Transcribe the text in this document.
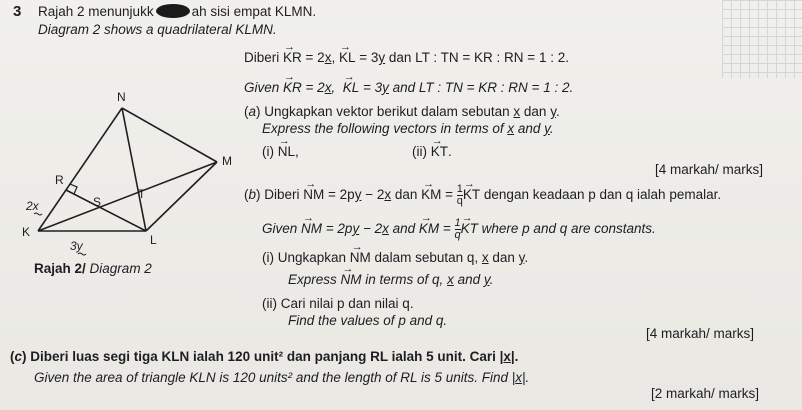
3 Rajah 2 menunjukk	ah sisi empat KLMN.
Diagram 2 shows a quadrilateral KLMN.
Diberi KR
→
= 2x, KL
→
= 3y dan LT : TN = KR : RN = 1 : 2.
Given KR
→
= 2x,  KL
→
= 3y and LT : TN = KR : RN = 1 : 2.
(a) Ungkapkan vektor berikut dalam sebutan x dan y.
Express the following vectors in terms of x and y.
(i) NL
→
,	(ii) KT
→
.
[4 markah/ marks]
(b) Diberi NM
→
= 2py − 2x dan KM
→
= $\frac{1}{q}$ KT
→
dengan keadaan p dan q ialah pemalar.
Given NM
→
= 2py − 2x and KM
→
= $\frac{1}{q}$ KT
→
where p and q are constants.
(i) Ungkapkan NM
→
dalam sebutan q, x dan y.
Express NM
→
in terms of q, x and y.
(ii) Cari nilai p dan nilai q.
Find the values of p and q.
[4 markah/ marks]
(c) Diberi luas segi tiga KLN ialah 120 unit² dan panjang RL ialah 5 unit. Cari |x|.
Given the area of triangle KLN is 120 units² and the length of RL is 5 units. Find |x|.
[2 markah/ marks]
N
M
R
S
T
K
L
2x
3y
Rajah 2/ Diagram 2
